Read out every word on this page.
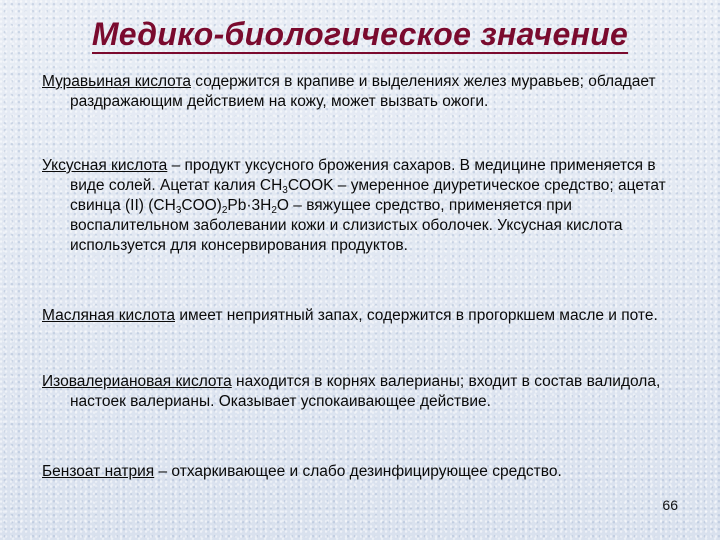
Медико-биологическое значение

Муравьиная кислота содержится в крапиве и выделениях желез муравьев; обладает раздражающим действием на кожу, может вызвать ожоги.

Уксусная кислота – продукт уксусного брожения сахаров. В медицине применяется в виде солей. Ацетат калия $CH_3COOK$ – умеренное диуретическое средство; ацетат свинца (II) $(CH_3COO)_2Pb\cdot 3H_2O$ – вяжущее средство, применяется при воспалительном заболевании кожи и слизистых оболочек. Уксусная кислота используется для консервирования продуктов.

Масляная кислота имеет неприятный запах, содержится в прогоркшем масле и поте.

Изовалериановая кислота находится в корнях валерианы; входит в состав валидола, настоек валерианы. Оказывает успокаивающее действие.

Бензоат натрия – отхаркивающее и слабо дезинфицирующее средство.

66
